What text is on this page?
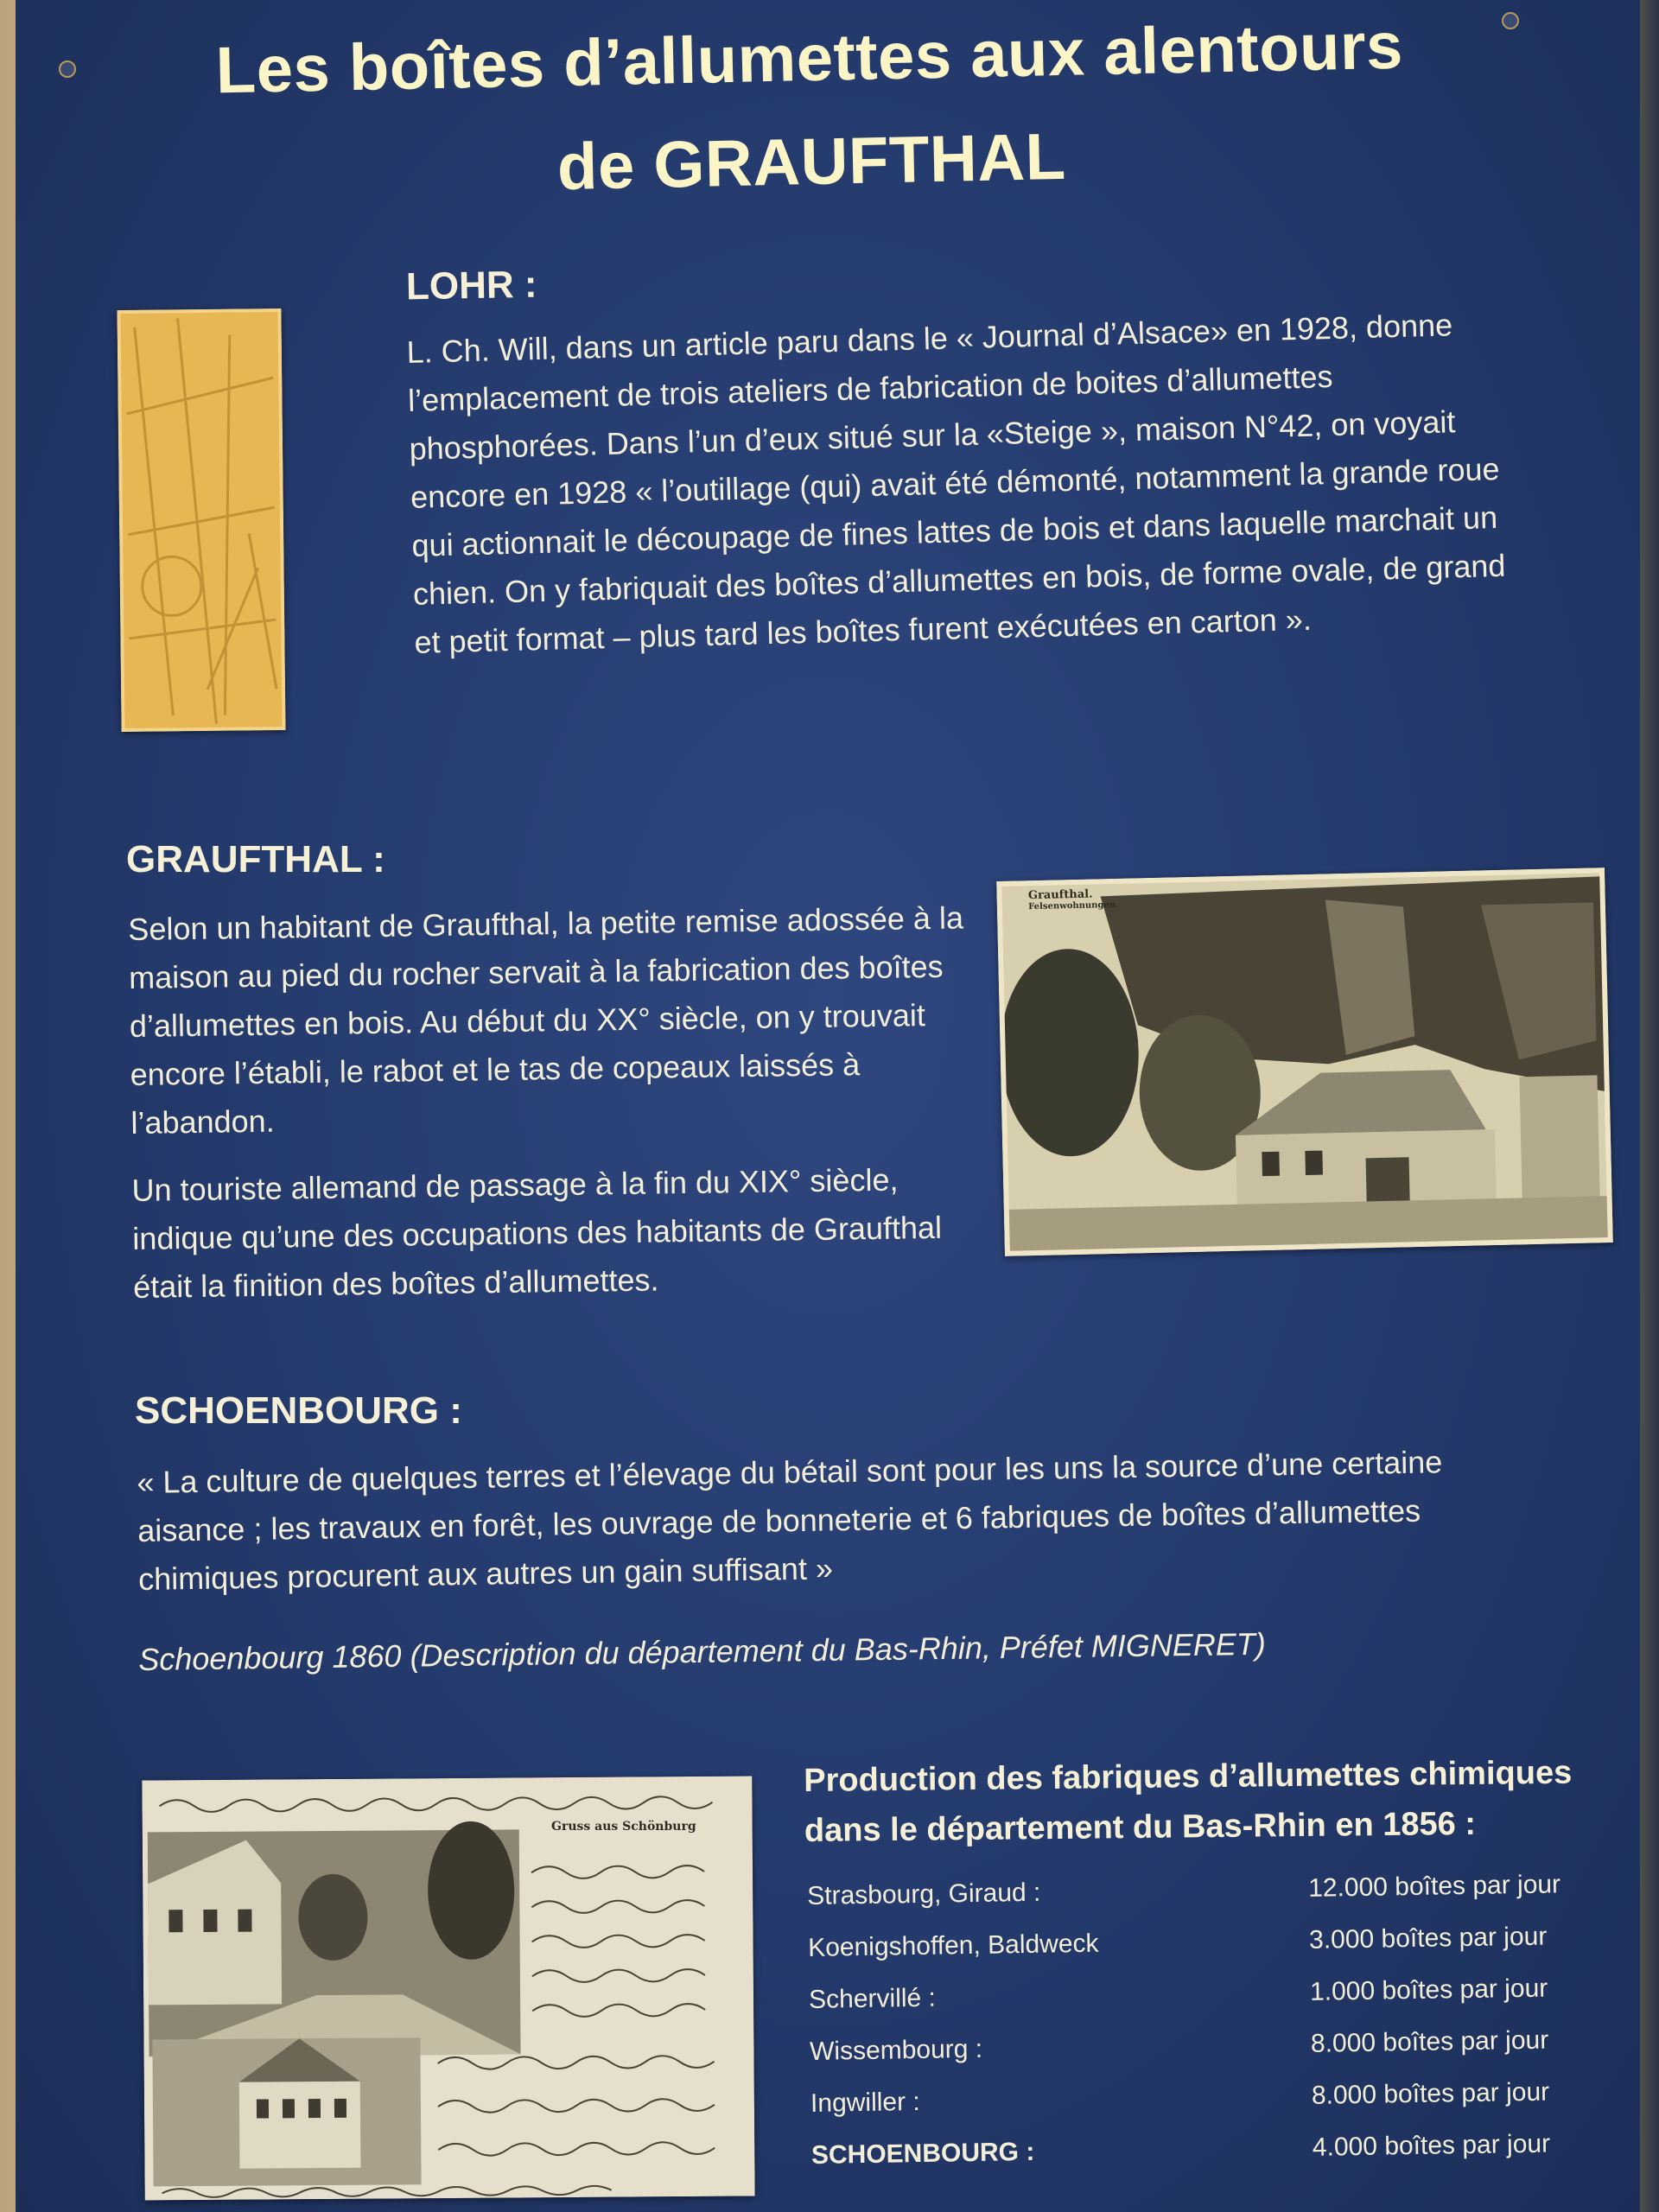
Les boîtes d’allumettes aux alentours
de GRAUFTHAL
LOHR :
L. Ch. Will, dans un article paru dans le « Journal d’Alsace» en 1928, donne l’emplacement de trois ateliers de fabrication de boites d’allumettes phosphorées. Dans l’un d’eux situé sur la «Steige », maison N°42, on voyait encore en 1928 « l’outillage (qui) avait été démonté, notamment la grande roue qui actionnait le découpage de fines lattes de bois et dans laquelle marchait un chien. On y fabriquait des boîtes d’allumettes en bois, de forme ovale, de grand et petit format – plus tard les boîtes furent exécutées en carton ».
GRAUFTHAL :

Selon un habitant de Graufthal, la petite remise adossée à la maison au pied du rocher servait à la fabrication des boîtes d’allumettes en bois. Au début du XX° siècle, on y trouvait encore l’établi, le rabot et le tas de copeaux laissés à l’abandon.

Un touriste allemand de passage à la fin du XIX° siècle, indique qu’une des occupations des habitants de Graufthal était la finition des boîtes d’allumettes.

Graufthal.
Felsenwohnungen.
SCHOENBOURG :
« La culture de quelques terres et l’élevage du bétail sont pour les uns la source d’une certaine aisance ; les travaux en forêt, les ouvrage de bonneterie et 6 fabriques de boîtes d’allumettes chimiques procurent aux autres un gain suffisant »
Schoenbourg 1860 (Description du département du Bas-Rhin, Préfet MIGNERET)
Gruss aus Schönburg
Production des fabriques d’allumettes chimiques dans le département du Bas-Rhin en 1856 :
Strasbourg, Giraud :	12.000 boîtes par jour
Koenigshoffen, Baldweck	3.000 boîtes par jour
Schervillé :	1.000 boîtes par jour
Wissembourg :	8.000 boîtes par jour
Ingwiller :	8.000 boîtes par jour
SCHOENBOURG :	4.000 boîtes par jour
